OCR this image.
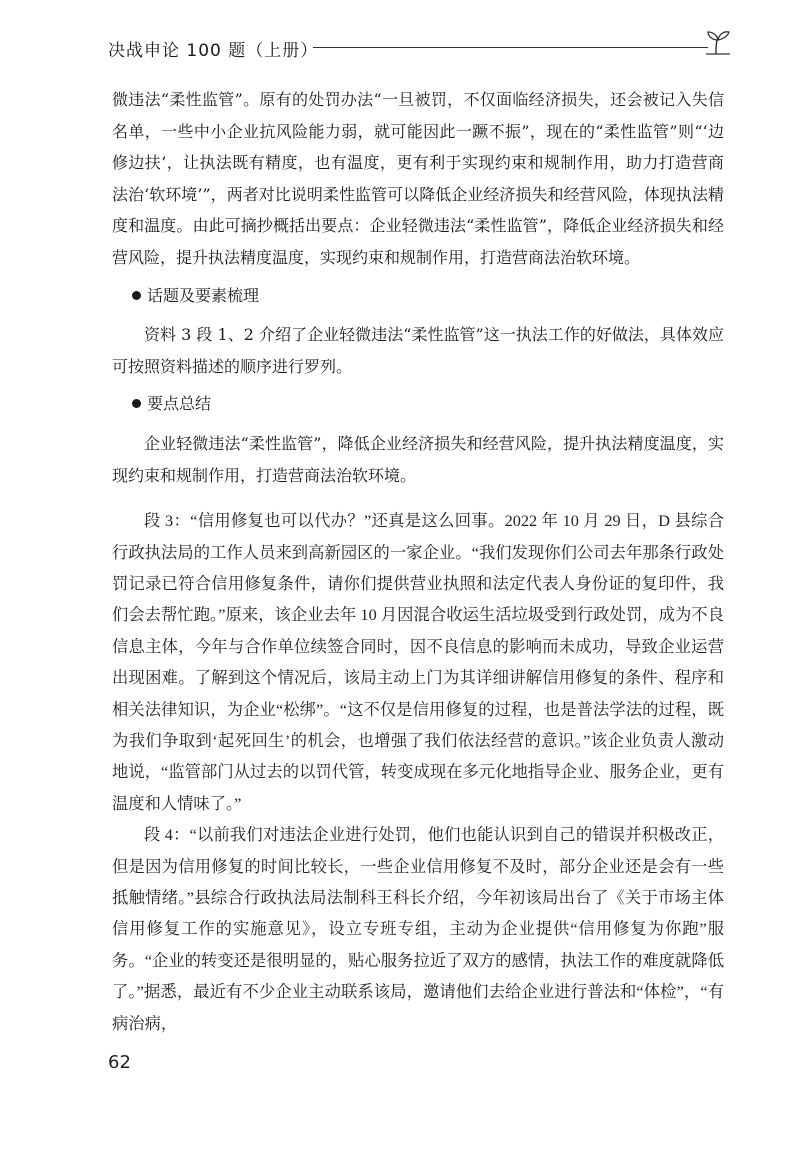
决战申论 100 题（上册）

微违法“柔性监管”。原有的处罚办法“一旦被罚，不仅面临经济损失，还会被记入失信名单，一些中小企业抗风险能力弱，就可能因此一蹶不振”，现在的“柔性监管”则“‘边修边扶’，让执法既有精度，也有温度，更有利于实现约束和规制作用，助力打造营商法治‘软环境’”，两者对比说明柔性监管可以降低企业经济损失和经营风险，体现执法精度和温度。由此可摘抄概括出要点：企业轻微违法“柔性监管”，降低企业经济损失和经营风险，提升执法精度温度，实现约束和规制作用，打造营商法治软环境。

话题及要素梳理

资料 3 段 1、2 介绍了企业轻微违法“柔性监管”这一执法工作的好做法，具体效应可按照资料描述的顺序进行罗列。

要点总结

企业轻微违法“柔性监管”，降低企业经济损失和经营风险，提升执法精度温度，实现约束和规制作用，打造营商法治软环境。

段 3：“信用修复也可以代办？”还真是这么回事。2022 年 10 月 29 日，D 县综合行政执法局的工作人员来到高新园区的一家企业。“我们发现你们公司去年那条行政处罚记录已符合信用修复条件，请你们提供营业执照和法定代表人身份证的复印件，我们会去帮忙跑。”原来，该企业去年 10 月因混合收运生活垃圾受到行政处罚，成为不良信息主体，今年与合作单位续签合同时，因不良信息的影响而未成功，导致企业运营出现困难。了解到这个情况后，该局主动上门为其详细讲解信用修复的条件、程序和相关法律知识，为企业“松绑”。“这不仅是信用修复的过程，也是普法学法的过程，既为我们争取到‘起死回生’的机会，也增强了我们依法经营的意识。”该企业负责人激动地说，“监管部门从过去的以罚代管，转变成现在多元化地指导企业、服务企业，更有温度和人情味了。”

段 4：“以前我们对违法企业进行处罚，他们也能认识到自己的错误并积极改正，但是因为信用修复的时间比较长，一些企业信用修复不及时，部分企业还是会有一些抵触情绪。”县综合行政执法局法制科王科长介绍，今年初该局出台了《关于市场主体信用修复工作的实施意见》，设立专班专组，主动为企业提供“信用修复为你跑”服务。“企业的转变还是很明显的，贴心服务拉近了双方的感情，执法工作的难度就降低了。”据悉，最近有不少企业主动联系该局，邀请他们去给企业进行普法和“体检”，“有病治病，

62
